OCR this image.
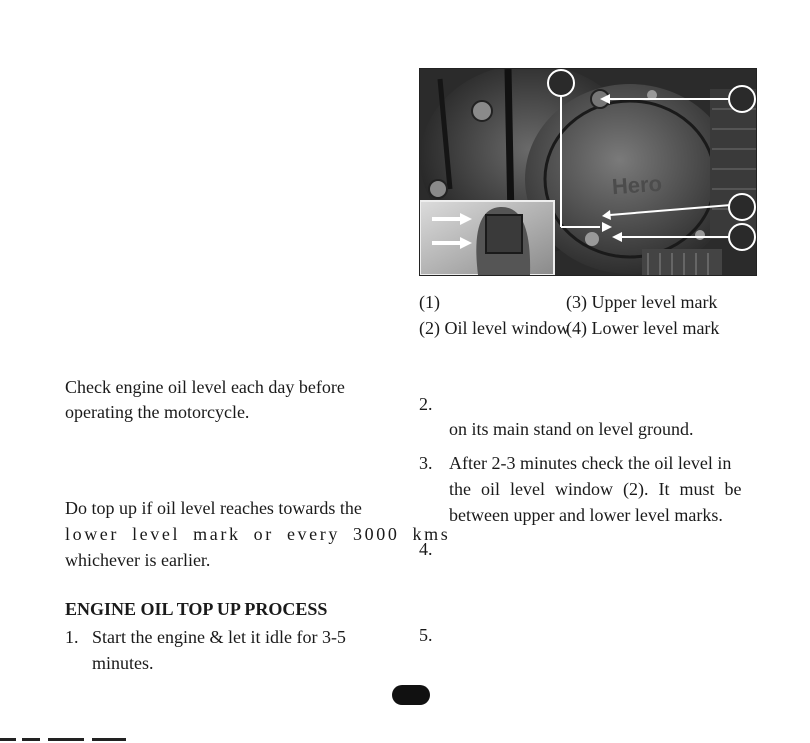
Hero
(1)	(3) Upper level mark
(2) Oil level window
(4) Lower level mark
Check engine oil level each day before
operating the motorcycle.
Do top up if oil level reaches towards the
lower level mark or every 3000 kms
whichever is earlier.
ENGINE OIL TOP UP PROCESS
1. Start the engine & let it idle for 3-5
minutes.
2.
on its main stand on level ground.
3. After 2-3 minutes check the oil level in
the oil level window (2). It must be
between upper and lower level marks.
4.
5.
